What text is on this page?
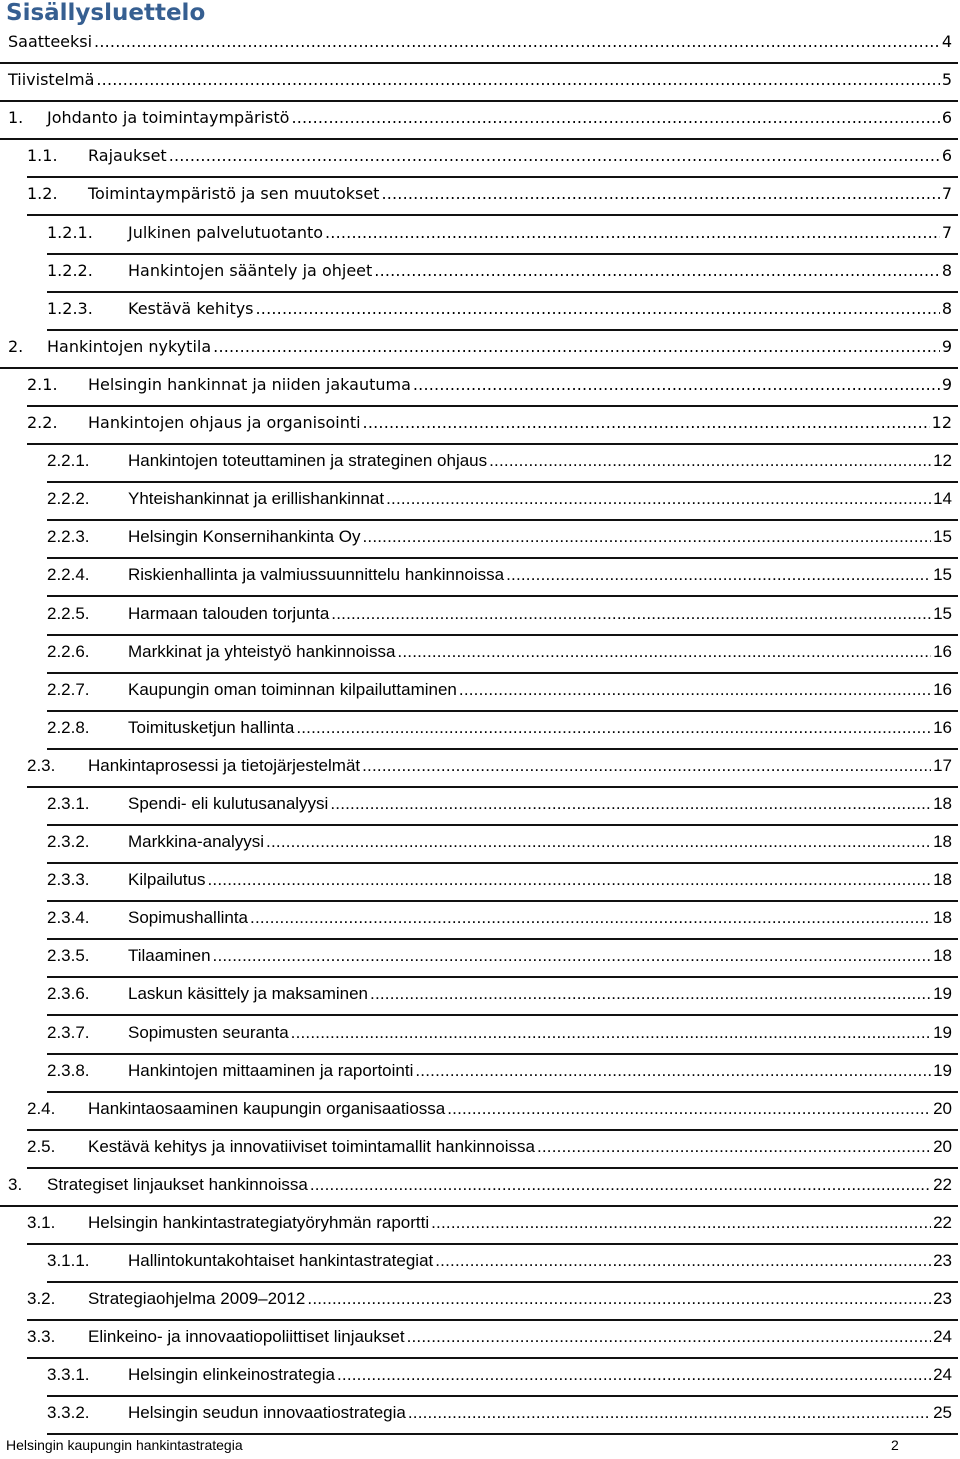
Sisällysluettelo
Saatteeksi .....	4
Tiivistelmä .....	5
1.	Johdanto ja toimintaympäristö .....	6
1.1.	Rajaukset .....	6
1.2.	Toimintaympäristö ja sen muutokset .....	7
1.2.1.	Julkinen palvelutuotanto .....	7
1.2.2.	Hankintojen sääntely ja ohjeet .....	8
1.2.3.	Kestävä kehitys .....	8
2.	Hankintojen nykytila .....	9
2.1.	Helsingin hankinnat ja niiden jakautuma .....	9
2.2.	Hankintojen ohjaus ja organisointi .....	12
2.2.1.	Hankintojen toteuttaminen ja strateginen ohjaus .....	12
2.2.2.	Yhteishankinnat ja erillishankinnat .....	14
2.2.3.	Helsingin Konsernihankinta Oy .....	15
2.2.4.	Riskienhallinta ja valmiussuunnittelu hankinnoissa .....	15
2.2.5.	Harmaan talouden torjunta .....	15
2.2.6.	Markkinat ja yhteistyö hankinnoissa .....	16
2.2.7.	Kaupungin oman toiminnan kilpailuttaminen .....	16
2.2.8.	Toimitusketjun hallinta .....	16
2.3.	Hankintaprosessi ja tietojärjestelmät .....	17
2.3.1.	Spendi- eli kulutusanalyysi .....	18
2.3.2.	Markkina-analyysi .....	18
2.3.3.	Kilpailutus .....	18
2.3.4.	Sopimushallinta .....	18
2.3.5.	Tilaaminen .....	18
2.3.6.	Laskun käsittely ja maksaminen .....	19
2.3.7.	Sopimusten seuranta .....	19
2.3.8.	Hankintojen mittaaminen ja raportointi .....	19
2.4.	Hankintaosaaminen kaupungin organisaatiossa .....	20
2.5.	Kestävä kehitys ja innovatiiviset toimintamallit hankinnoissa .....	20
3.	Strategiset linjaukset hankinnoissa .....	22
3.1.	Helsingin hankintastrategiatyöryhmän raportti .....	22
3.1.1.	Hallintokuntakohtaiset hankintastrategiat .....	23
3.2.	Strategiaohjelma 2009–2012 .....	23
3.3.	Elinkeino- ja innovaatiopoliittiset linjaukset .....	24
3.3.1.	Helsingin elinkeinostrategia .....	24
3.3.2.	Helsingin seudun innovaatiostrategia .....	25
Helsingin kaupungin hankintastrategia	2
